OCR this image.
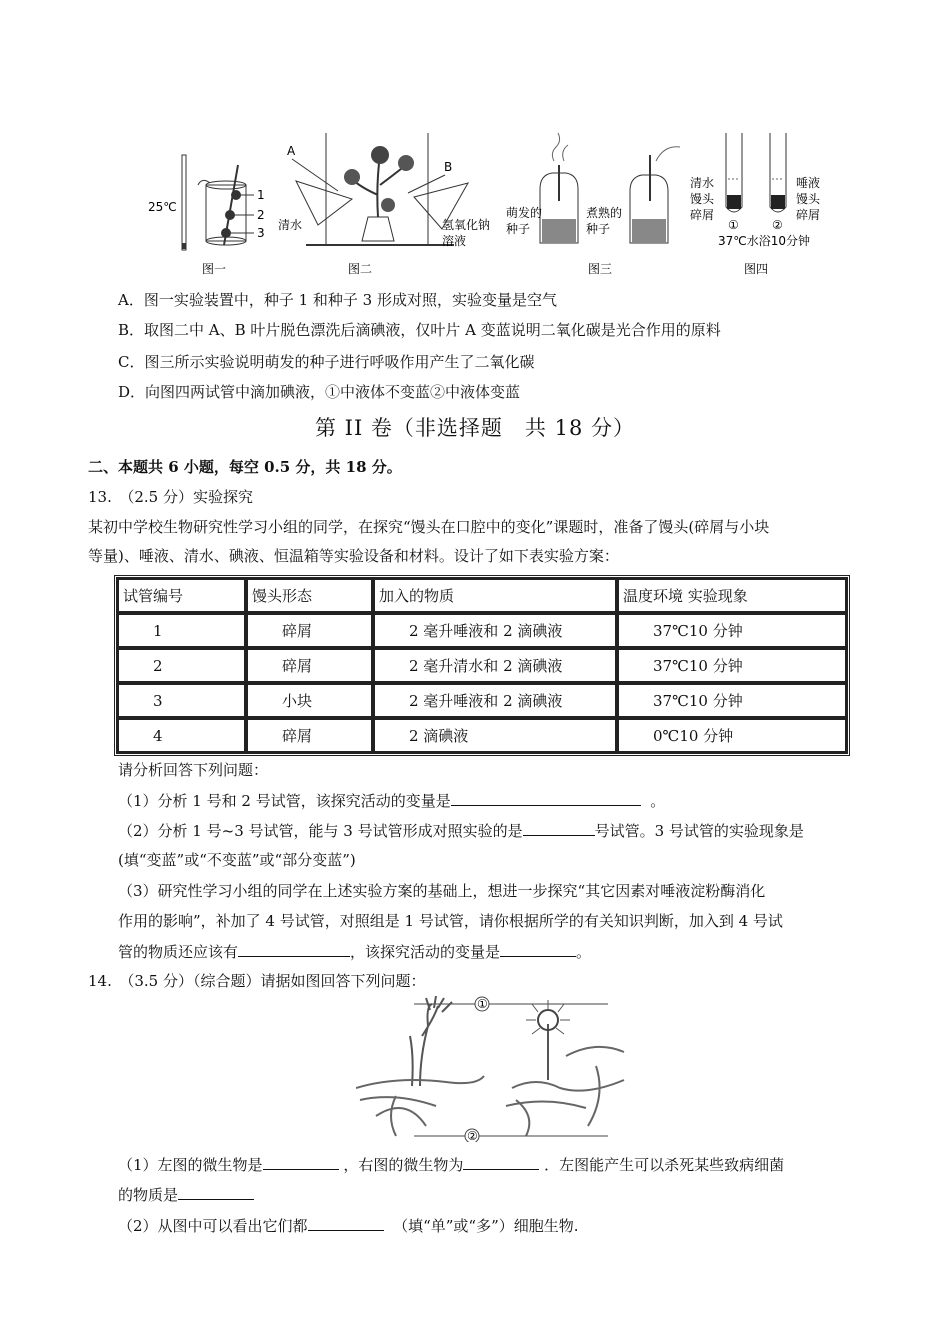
25℃
1
2
3
图一
A
B
清水	氢氧化钠
溶液
图二
萌发的
种子
煮熟的
种子
图三
清水
馒头
碎屑
唾液
馒头
碎屑
①	②
37℃水浴10分钟
图四
A．图一实验装置中，种子 1 和种子 3 形成对照，实验变量是空气
B．取图二中 A、B 叶片脱色漂洗后滴碘液，仅叶片 A 变蓝说明二氧化碳是光合作用的原料
C．图三所示实验说明萌发的种子进行呼吸作用产生了二氧化碳
D．向图四两试管中滴加碘液，①中液体不变蓝②中液体变蓝
第 II 卷（非选择题　共 18 分）
二、本题共 6 小题，每空 0.5 分，共 18 分。
13.　（2.5 分）实验探究
某初中学校生物研究性学习小组的同学，在探究“馒头在口腔中的变化”课题时，准备了馒头(碎屑与小块
等量)、唾液、清水、碘液、恒温箱等实验设备和材料。设计了如下表实验方案：
试管编号	馒头形态	加入的物质	温度环境 实验现象
1	碎屑	2 毫升唾液和 2 滴碘液	37℃10 分钟
2	碎屑	2 毫升清水和 2 滴碘液	37℃10 分钟
3	小块	2 毫升唾液和 2 滴碘液	37℃10 分钟
4	碎屑	2 滴碘液	0℃10 分钟
请分析回答下列问题：
（1）分析 1 号和 2 号试管，该探究活动的变量是	。
（2）分析 1 号~3 号试管，能与 3 号试管形成对照实验的是	号试管。3 号试管的实验现象是
(填“变蓝”或“不变蓝”或“部分变蓝”)
（3）研究性学习小组的同学在上述实验方案的基础上，想进一步探究“其它因素对唾液淀粉酶消化
作用的影响”，补加了 4 号试管，对照组是 1 号试管，请你根据所学的有关知识判断，加入到 4 号试
管的物质还应该有	，该探究活动的变量是	。
14.　（3.5 分）（综合题）请据如图回答下列问题：
①
②
（1）左图的微生物是	，右图的微生物为	．左图能产生可以杀死某些致病细菌
的物质是
（2）从图中可以看出它们都	（填“单”或“多”）细胞生物.
